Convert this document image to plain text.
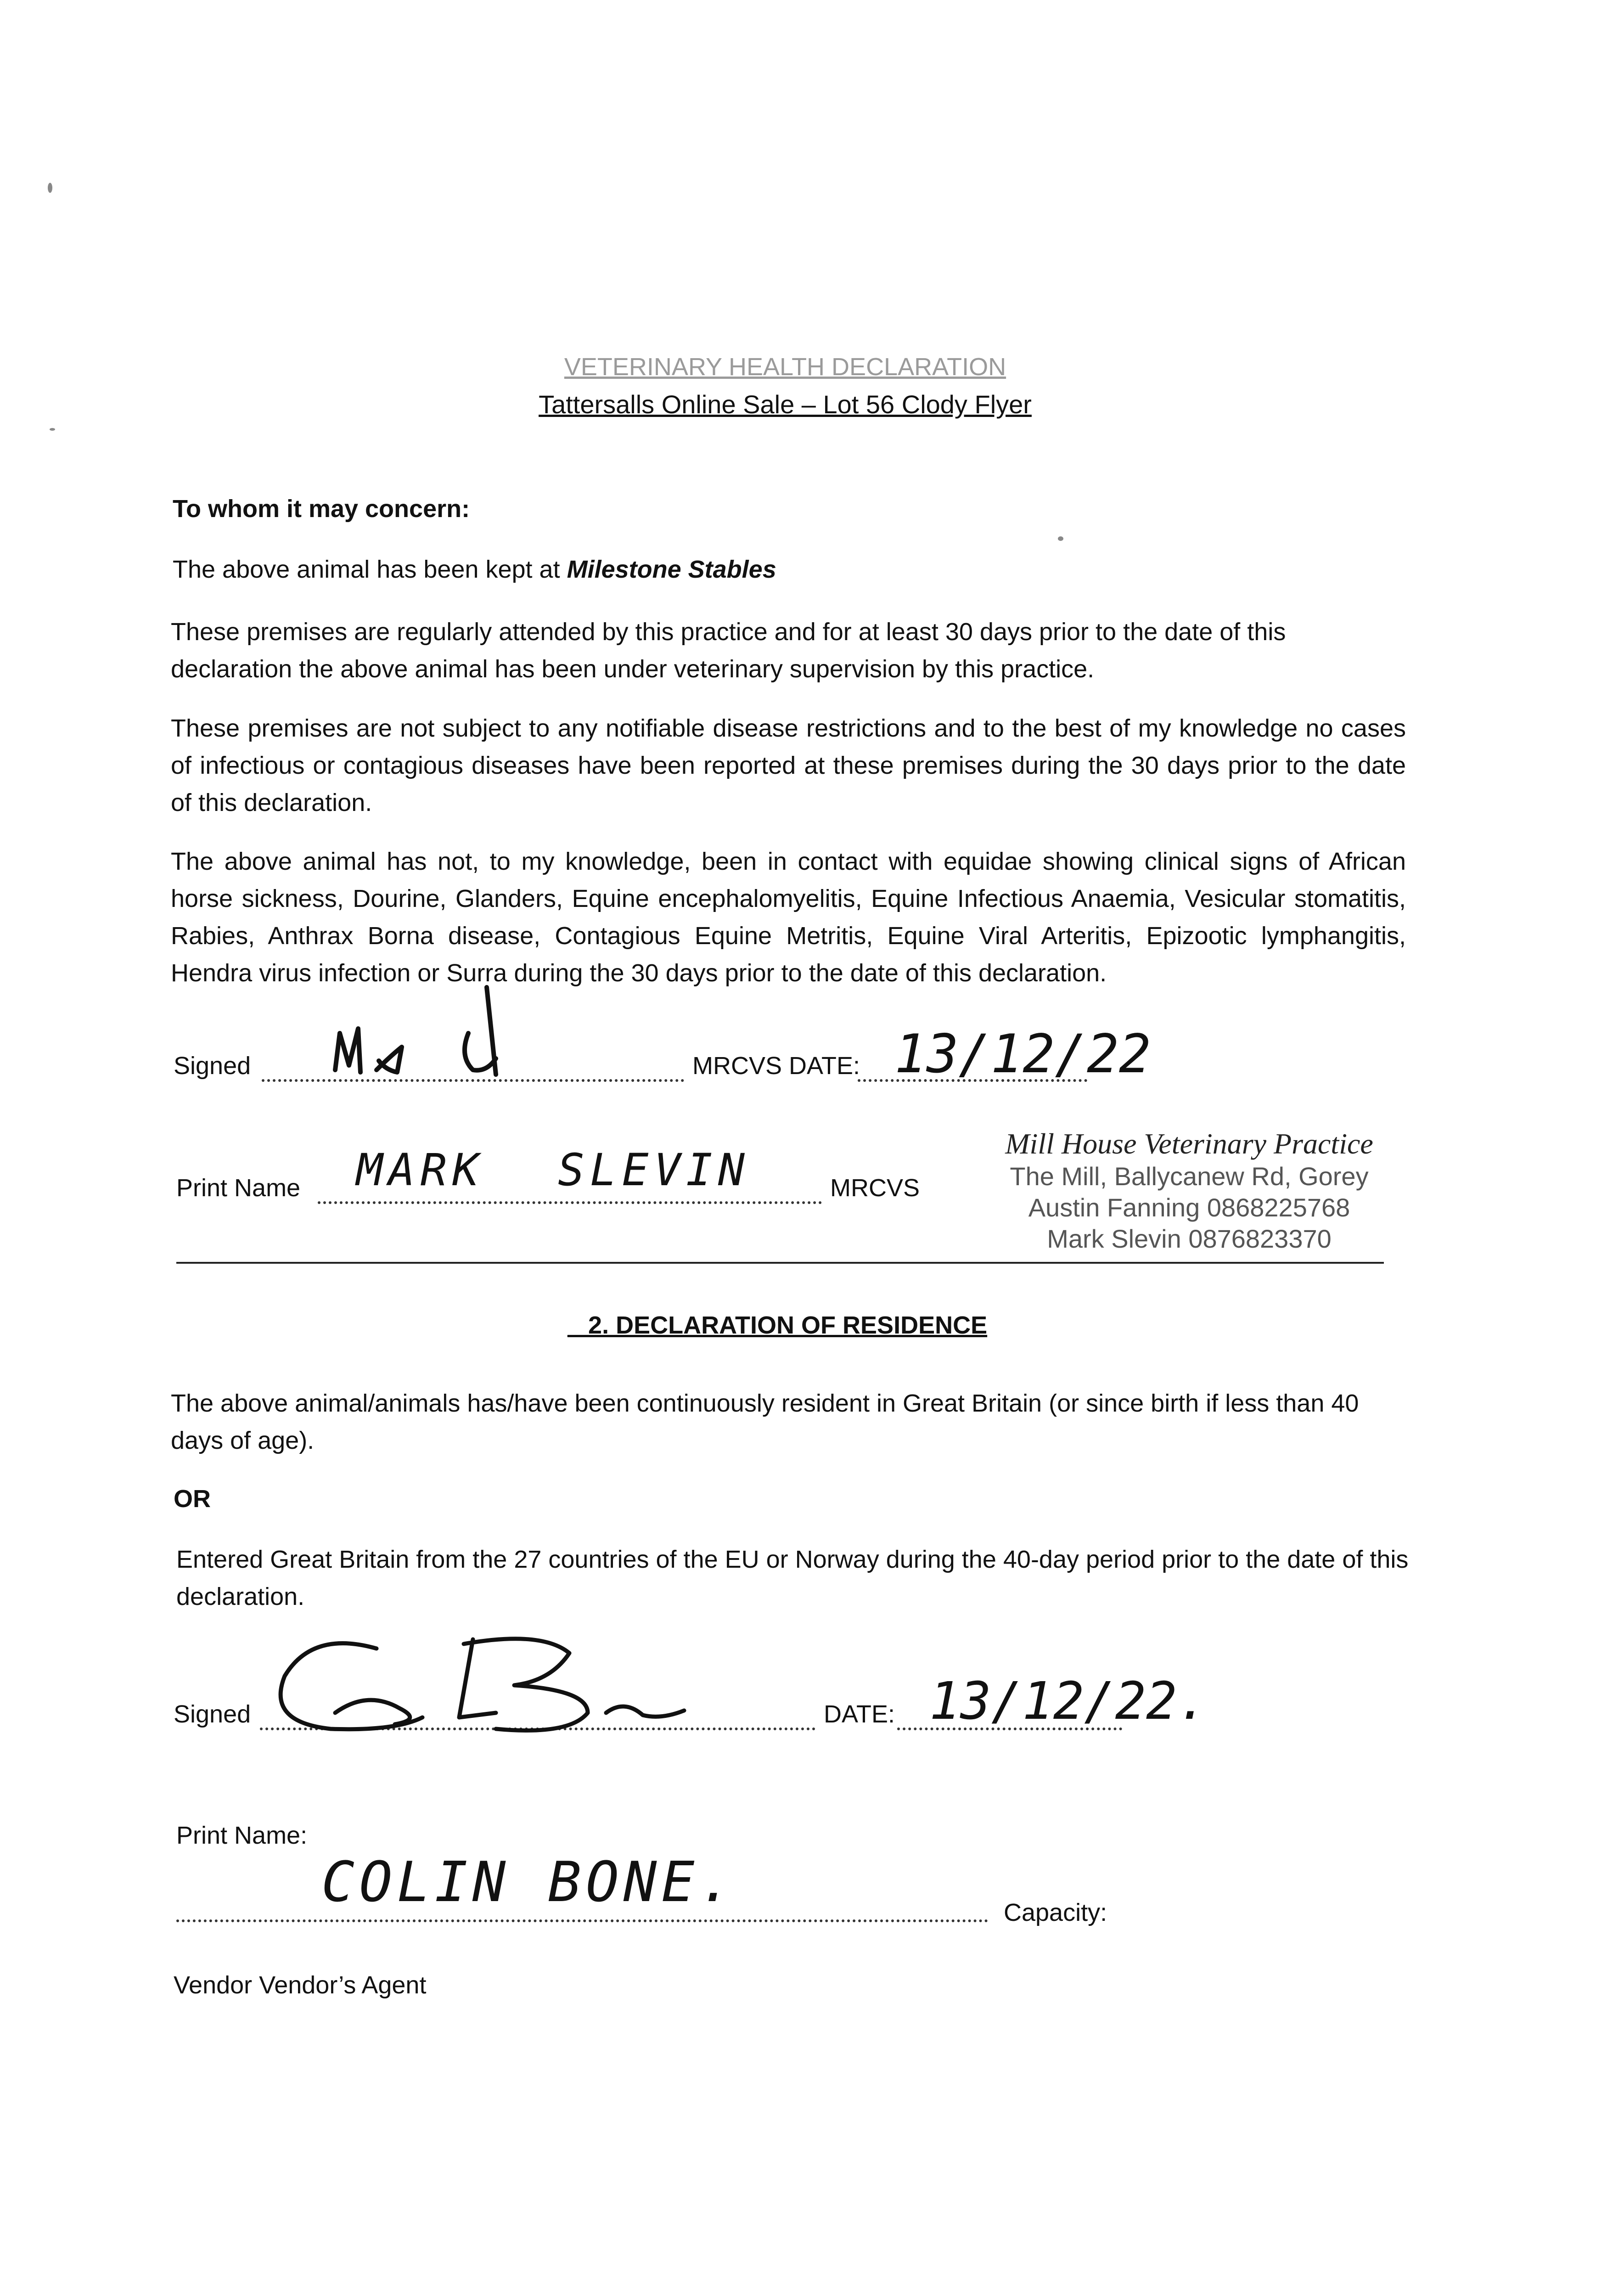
VETERINARY HEALTH DECLARATION
Tattersalls Online Sale – Lot 56 Clody Flyer
To whom it may concern:
The above animal has been kept at Milestone Stables
These premises are regularly attended by this practice and for at least 30 days prior to the date of this declaration the above animal has been under veterinary supervision by this practice.
These premises are not subject to any notifiable disease restrictions and to the best of my knowledge no cases of infectious or contagious diseases have been reported at these premises during the 30 days prior to the date of this declaration.
The above animal has not, to my knowledge, been in contact with equidae showing clinical signs of African horse sickness, Dourine, Glanders, Equine encephalomyelitis, Equine Infectious Anaemia, Vesicular stomatitis, Rabies, Anthrax Borna disease, Contagious Equine Metritis, Equine Viral Arteritis, Epizootic lymphangitis, Hendra virus infection or Surra during the 30 days prior to the date of this declaration.
Signed	MRCVS DATE: 13/12/22
Print Name MARK SLEVIN	MRCVS
Mill House Veterinary Practice
The Mill, Ballycanew Rd, Gorey
Austin Fanning 0868225768
Mark Slevin 0876823370
_ 2. DECLARATION OF RESIDENCE
The above animal/animals has/have been continuously resident in Great Britain (or since birth if less than 40 days of age).
OR
Entered Great Britain from the 27 countries of the EU or Norway during the 40-day period prior to the date of this declaration.
Signed	DATE: 13/12/22.
Print Name:
COLIN BONE.	Capacity:
Vendor Vendor’s Agent
